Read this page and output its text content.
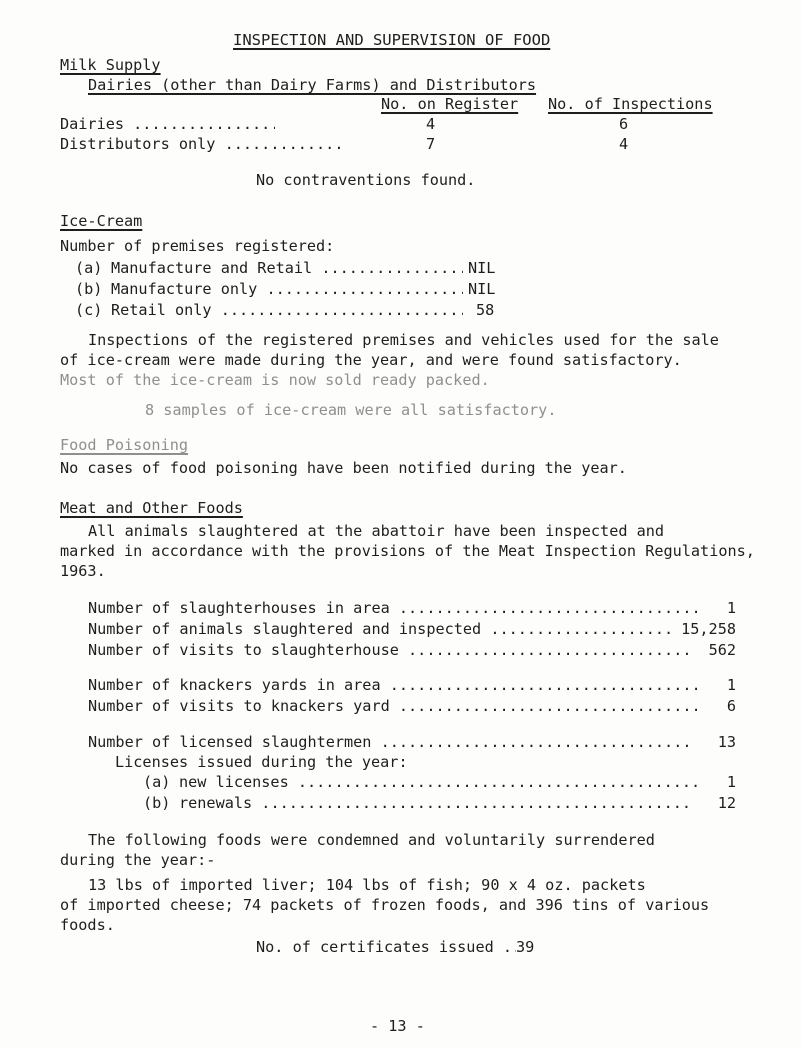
INSPECTION AND SUPERVISION OF FOOD
Milk Supply
Dairies (other than Dairy Farms) and Distributors
No. on Register No. of Inspections
Dairies .....	4	6
Distributors only .....	7	4
No contraventions found.
Ice-Cream
Number of premises registered:
(a) Manufacture and Retail .....	NIL
(b) Manufacture only .....	NIL
(c) Retail only .....	58
Inspections of the registered premises and vehicles used for the sale
of ice-cream were made during the year, and were found satisfactory.
Most of the ice-cream is now sold ready packed.
8 samples of ice-cream were all satisfactory.
Food Poisoning
No cases of food poisoning have been notified during the year.
Meat and Other Foods
All animals slaughtered at the abattoir have been inspected and
marked in accordance with the provisions of the Meat Inspection Regulations,
1963.
Number of slaughterhouses in area .....	1
Number of animals slaughtered and inspected .....	15,258
Number of visits to slaughterhouse .....	562
Number of knackers yards in area .....	1
Number of visits to knackers yard .....	6
Number of licensed slaughtermen .....	13
Licenses issued during the year:
(a) new licenses .....	1
(b) renewals .....	12
The following foods were condemned and voluntarily surrendered
during the year:-
13 lbs of imported liver; 104 lbs of fish; 90 x 4 oz. packets
of imported cheese; 74 packets of frozen foods, and 396 tins of various
foods.
No. of certificates issued .....	39
- 13 -
